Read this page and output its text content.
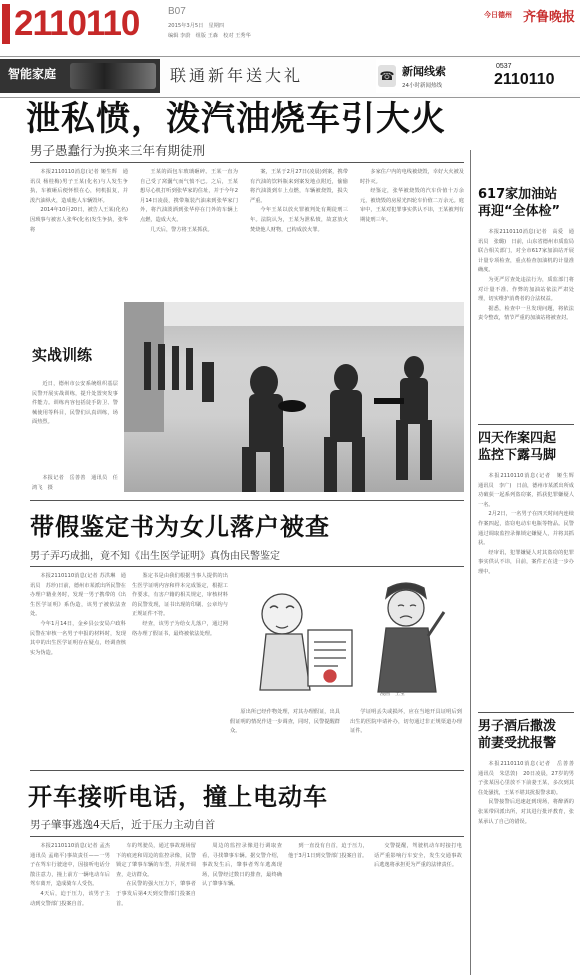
2110110	B07
2015年3月5日　星期四
编辑 李蔚　组版 王森　校对 王秀华
今日德州 齐鲁晚报
智能家庭	联通新年送大礼	☎ 新闻线索
24小时新闻热线
0537
2110110
泄私愤，泼汽油烧车引大火
男子愚蠢行为换来三年有期徒刑

本报2110110消息(记者 姬生辉　通讯员 杨桂梅)男子王某(化名)与人发生争执，车被砸后便怀恨在心，伺机报复，并泼汽油纵火，造成他人车辆毁坏。

2014年10月20日，被告人王某(化名)因琐事与被害人张华(化名)发生争执，张华将

王某的面包车玻璃砸碎。王某一直为自己受了窝囊气而气愤不已。之后，王某想尽心机打听到张华家的住址，并于今年2月14日凌晨，携带瓶装汽油来到张华家门外，将汽油泼洒到张华停在门外的车辆上点燃，造成大火。

几天后，警方将王某抓获。

案，王某于2月27日(凌晨)到案，携带有汽油的饮料瓶来到案发地点附近，偷偷将汽油泼到车上点燃，车辆被烧毁，损失严重。

今年王某以放火罪被判处有期徒刑三年。法院认为，王某为泄私愤，故意放火焚烧他人财物，已构成放火罪。

多家住户内的电线被烧毁，幸好大火被及时扑灭。

经鉴定，张华被烧毁的汽车价值十万余元，被烧毁的房屋光四轮车价值二万余元。庭审中，王某对犯罪事实供认不讳，王某被判有期徒刑三年。

实战训练

近日，德州市公安系统组织基层民警开展实战训练，提升处置突发事件能力。训练内容包括徒手防卫、警械使用等科目，民警们认真训练，场面热烈。

本报记者　岳善善　通讯员　任鸿飞　摄

带假鉴定书为女儿落户被查
男子弄巧成拙，竟不知《出生医学证明》真伪由民警鉴定

本报2110110消息(记者 苏洪琳　通讯员　苏珍)日前，德州市某派出所民警在办理户籍业务时，发现一男子携带的《出生医学证明》系伪造，该男子被依法查处。

今年1月14日，金乡县公安局户政科民警在审核一名男子申报的材料时，发现其中的出生医学证明存在疑点，经调查核实为伪造。

鉴定书是由我们根据当事人提供的出生医学证明内容和样本完成鉴定，根据工作要求，有害户籍的相关规定，审核材料的民警发现，证书出现的印刷、公章均与正规证件不符。

经查，该男子为给女儿落户，通过网络办理了假证书，最终被依法处理。

漫画　王莹

原出所已经作物处理，对其办理假证，出具假证明的情况作进一步调查，同时，民警提醒群众。

学证明丢失或损坏，应在当地开具证明后到出生的医院申请补办，切勿通过非正规渠道办理证件。

开车接听电话，撞上电动车
男子肇事逃逸4天后，近于压力主动自首

本报2110110消息(记者 孟杰　通讯员 孟绪平)事故责任——一男子在驾车行驶途中，因接听电话分散注意力，撞上前方一辆电动车后驾车离开，造成骑车人受伤。

4天后，迫于压力，该男子主动到交警部门投案自首。

车的驾驶员，通过事故现场留下的痕迹和周边的监控录像，民警锁定了肇事车辆的车型，并展开调查，走访群众。

在民警的强大压力下，肇事者于事发后第4天到交警部门投案自首。

周边的监控录像进行调取查看，寻找肇事车辆。据交警介绍，事故发生后，肇事者驾车逃离现场，民警经过数日的排查，最终确认了肇事车辆。

到一直没有自首，迫于压力，他于3月1日到交警部门投案自首。

交警提醒，驾驶机动车时接打电话严重影响行车安全，发生交通事故后逃逸将承担更为严重的法律责任。

617家加油站
再迎“全体检”

本报2110110消息(记者　高爱　通讯员　张璐)　日前，山东省德州市质监局联合相关部门，对全市617家加油站开展计量专项检查，重点检查加油机的计量准确度。

为更严厉查处违法行为，质监部门将对计量不准、作弊的加油站依法严肃处理，切实维护消费者的合法权益。

据悉，检查中一旦发现问题，将依法责令整改，情节严重的加油站将被查封。

四天作案四起
监控下露马脚

本报2110110消息(记者　姬生辉　通讯员　李广)　日前，德州市某派出所成功破获一起系列盗窃案，抓获犯罪嫌疑人一名。

2月2日，一名男子在四天时间内连续作案四起，盗窃电动车电瓶等物品。民警通过调取监控录像锁定嫌疑人，并将其抓获。

经审讯，犯罪嫌疑人对其盗窃的犯罪事实供认不讳，目前，案件正在进一步办理中。

男子酒后撒泼
前妻受扰报警

本报2110110消息(记者　岳善善　通讯员　朱思敦)　20日凌晨，27岁的男子张某因心里放不下前妻王某，多次到其住处骚扰，王某不堪其扰报警求助。

民警接警后迅速赶到现场，将醉酒的张某带回派出所，对其进行批评教育，张某承认了自己的错误。
